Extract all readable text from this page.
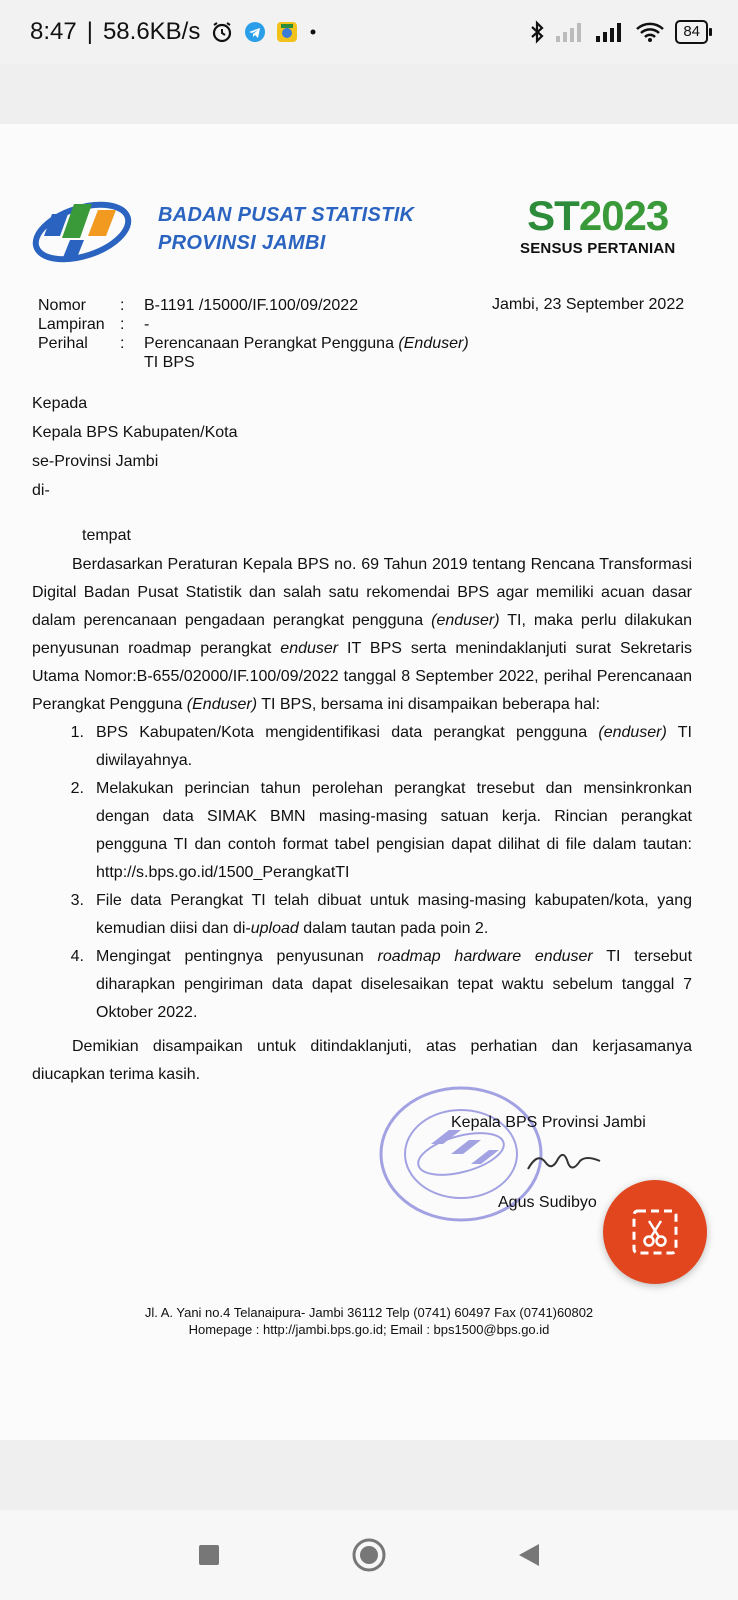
8:47 | 58.6KB/s	84
BADAN PUSAT STATISTIK
PROVINSI JAMBI
ST2023
SENSUS PERTANIAN
Nomor	:	B-1191 /15000/IF.100/09/2022
Lampiran :	-
Perihal	:	Perencanaan Perangkat Pengguna (Enduser)
TI BPS
Jambi, 23 September 2022
Kepada
Kepala BPS Kabupaten/Kota
se-Provinsi Jambi
di-
tempat

Berdasarkan Peraturan Kepala BPS no. 69 Tahun 2019 tentang Rencana Transformasi Digital Badan Pusat Statistik dan salah satu rekomendai BPS agar memiliki acuan dasar dalam perencanaan pengadaan perangkat pengguna (enduser) TI, maka perlu dilakukan penyusunan roadmap perangkat enduser IT BPS serta menindaklanjuti surat Sekretaris Utama Nomor:B-655/02000/IF.100/09/2022 tanggal 8 September 2022, perihal Perencanaan Perangkat Pengguna (Enduser) TI BPS, bersama ini disampaikan beberapa hal:

1. BPS Kabupaten/Kota mengidentifikasi data perangkat pengguna (enduser) TI diwilayahnya.
2. Melakukan perincian tahun perolehan perangkat tresebut dan mensinkronkan dengan data SIMAK BMN masing-masing satuan kerja. Rincian perangkat pengguna TI dan contoh format tabel pengisian dapat dilihat di file dalam tautan: http://s.bps.go.id/1500_PerangkatTI
3. File data Perangkat TI telah dibuat untuk masing-masing kabupaten/kota, yang kemudian diisi dan di-upload dalam tautan pada poin 2.
4. Mengingat pentingnya penyusunan roadmap hardware enduser TI tersebut diharapkan pengiriman data dapat diselesaikan tepat waktu sebelum tanggal 7 Oktober 2022.

Demikian disampaikan untuk ditindaklanjuti, atas perhatian dan kerjasamanya diucapkan terima kasih.

Kepala BPS Provinsi Jambi
Agus Sudibyo
Jl. A. Yani no.4 Telanaipura- Jambi 36112 Telp (0741) 60497 Fax (0741)60802
Homepage : http://jambi.bps.go.id; Email : bps1500@bps.go.id
